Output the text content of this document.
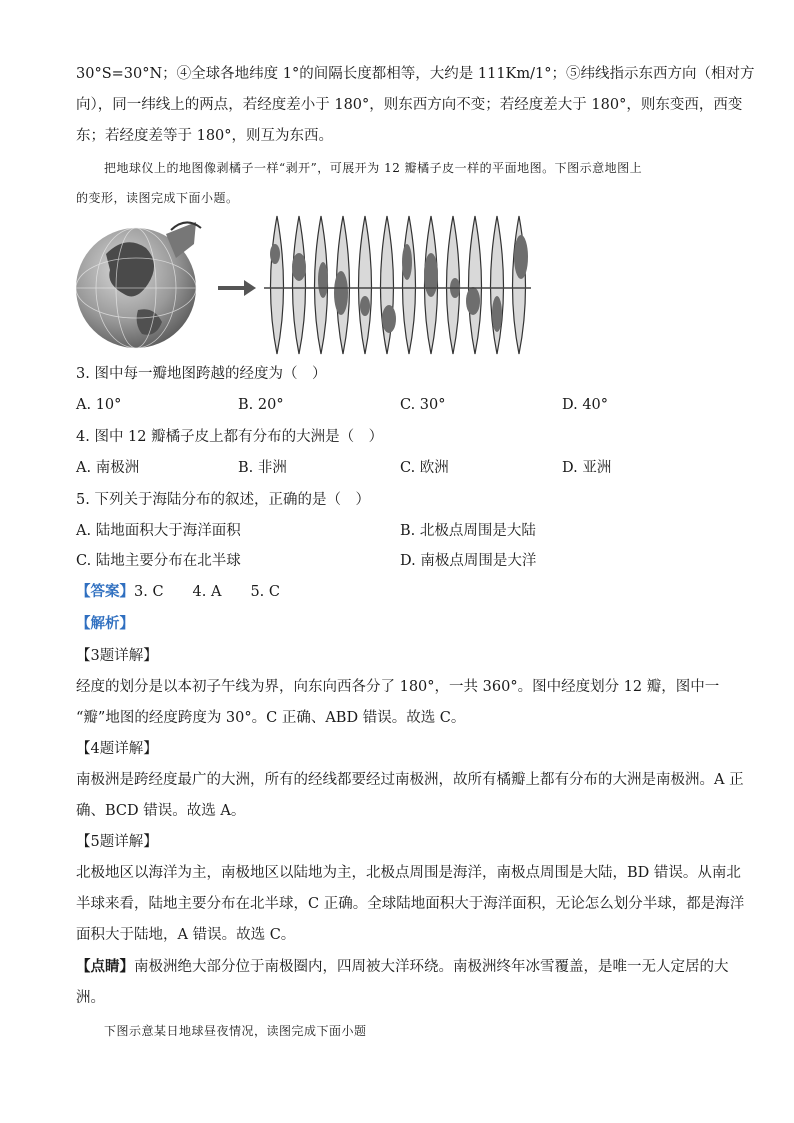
30°S=30°N；④全球各地纬度 1°的间隔长度都相等，大约是 111Km/1°；⑤纬线指示东西方向（相对方
向），同一纬线上的两点，若经度差小于 180°，则东西方向不变；若经度差大于 180°，则东变西，西变
东；若经度差等于 180°，则互为东西。
把地球仪上的地图像剥橘子一样“剥开”，可展开为 12 瓣橘子皮一样的平面地图。下图示意地图上
的变形，读图完成下面小题。
3. 图中每一瓣地图跨越的经度为（　）
A. 10°	B. 20°	C. 30°	D. 40°
4. 图中 12 瓣橘子皮上都有分布的大洲是（　）
A. 南极洲	B. 非洲	C. 欧洲	D. 亚洲
5. 下列关于海陆分布的叙述，正确的是（　）
A. 陆地面积大于海洋面积	B. 北极点周围是大陆
C. 陆地主要分布在北半球	D. 南极点周围是大洋
【答案】3. C　　4. A　　5. C
【解析】
【3题详解】
经度的划分是以本初子午线为界，向东向西各分了 180°，一共 360°。图中经度划分 12 瓣，图中一
“瓣”地图的经度跨度为 30°。C 正确、ABD 错误。故选 C。
【4题详解】
南极洲是跨经度最广的大洲，所有的经线都要经过南极洲，故所有橘瓣上都有分布的大洲是南极洲。A 正
确、BCD 错误。故选 A。
【5题详解】
北极地区以海洋为主，南极地区以陆地为主，北极点周围是海洋，南极点周围是大陆，BD 错误。从南北
半球来看，陆地主要分布在北半球，C 正确。全球陆地面积大于海洋面积，无论怎么划分半球，都是海洋
面积大于陆地，A 错误。故选 C。
【点睛】南极洲绝大部分位于南极圈内，四周被大洋环绕。南极洲终年冰雪覆盖，是唯一无人定居的大
洲。
下图示意某日地球昼夜情况，读图完成下面小题
